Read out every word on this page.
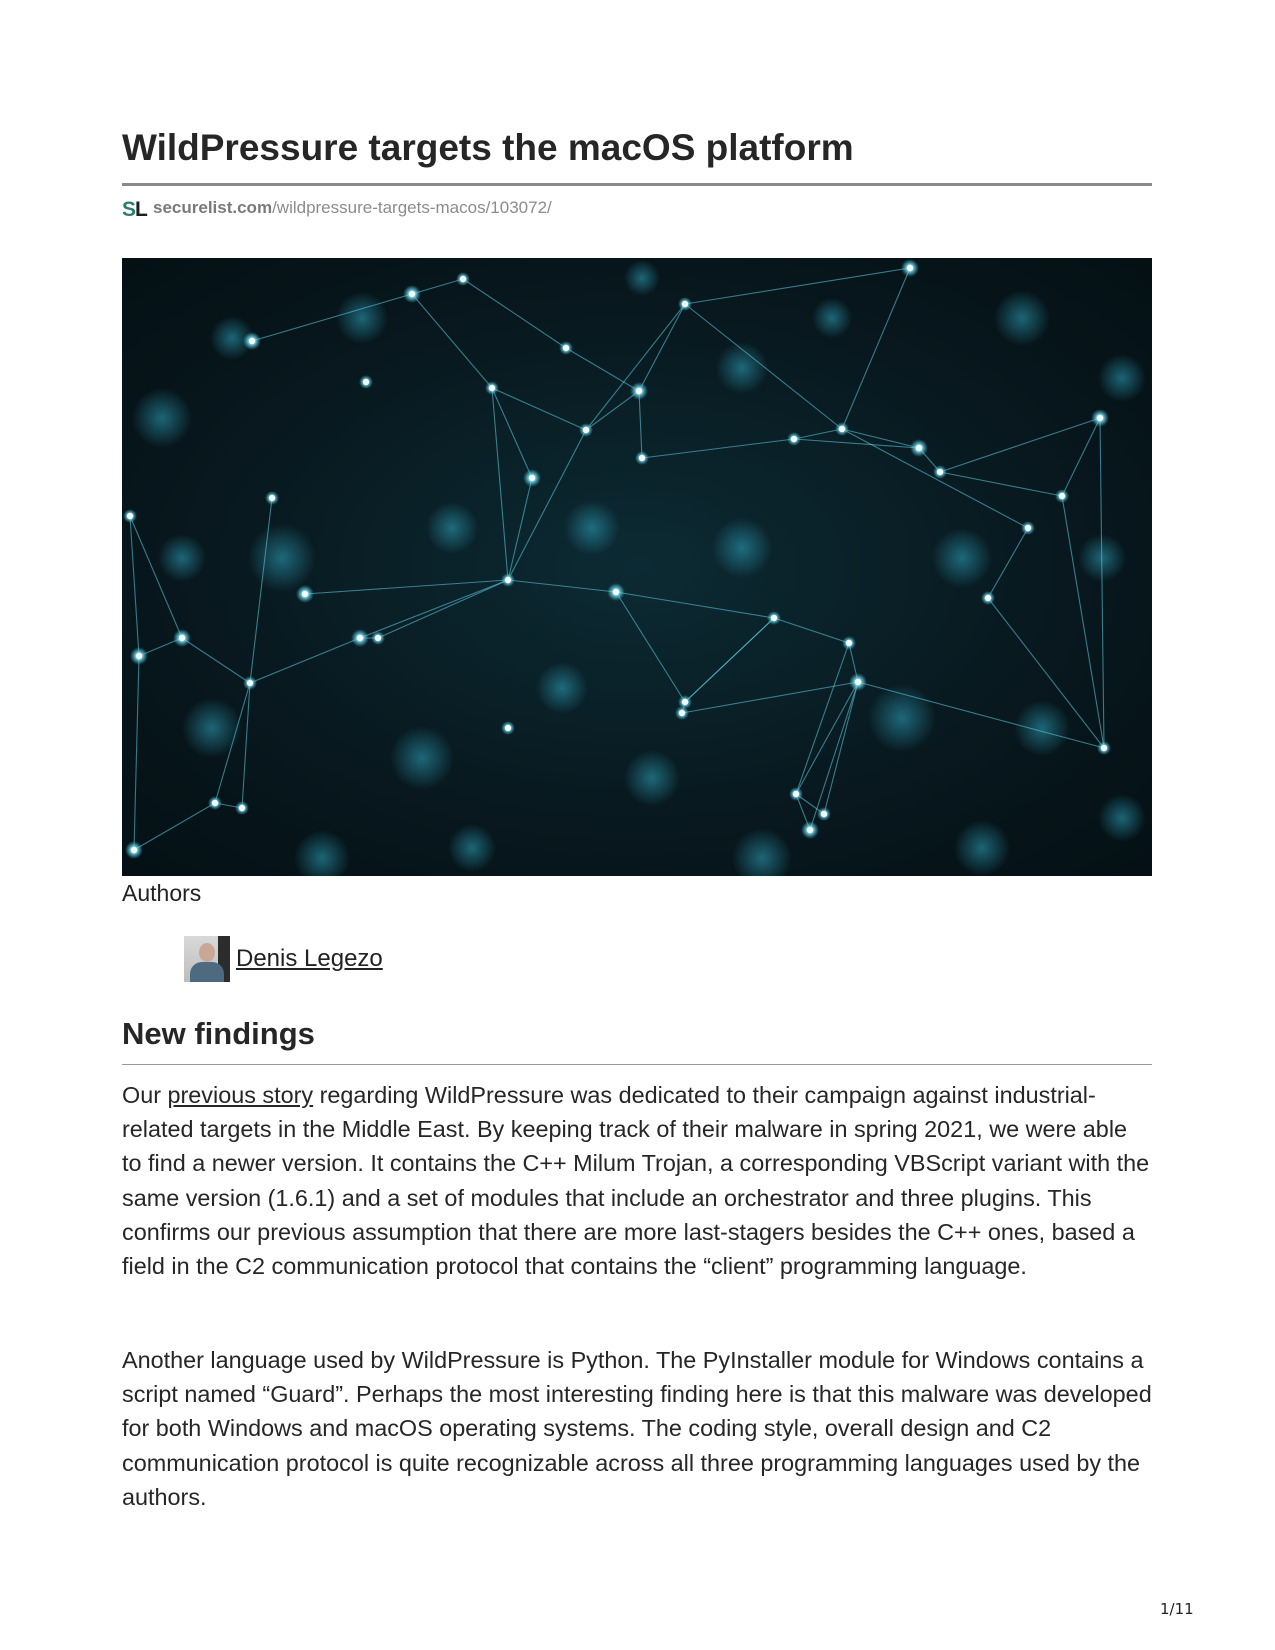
WildPressure targets the macOS platform
S
L securelist.com /wildpressure-targets-macos/103072/
Authors
Denis Legezo
New findings

Our previous story regarding WildPressure was dedicated to their campaign against industrial-related targets in the Middle East. By keeping track of their malware in spring 2021, we were able to find a newer version. It contains the C++ Milum Trojan, a corresponding VBScript variant with the same version (1.6.1) and a set of modules that include an orchestrator and three plugins. This confirms our previous assumption that there are more last-stagers besides the C++ ones, based a field in the C2 communication protocol that contains the “client” programming language.

Another language used by WildPressure is Python. The PyInstaller module for Windows contains a script named “Guard”. Perhaps the most interesting finding here is that this malware was developed for both Windows and macOS operating systems. The coding style, overall design and C2 communication protocol is quite recognizable across all three programming languages used by the authors.

1/11
